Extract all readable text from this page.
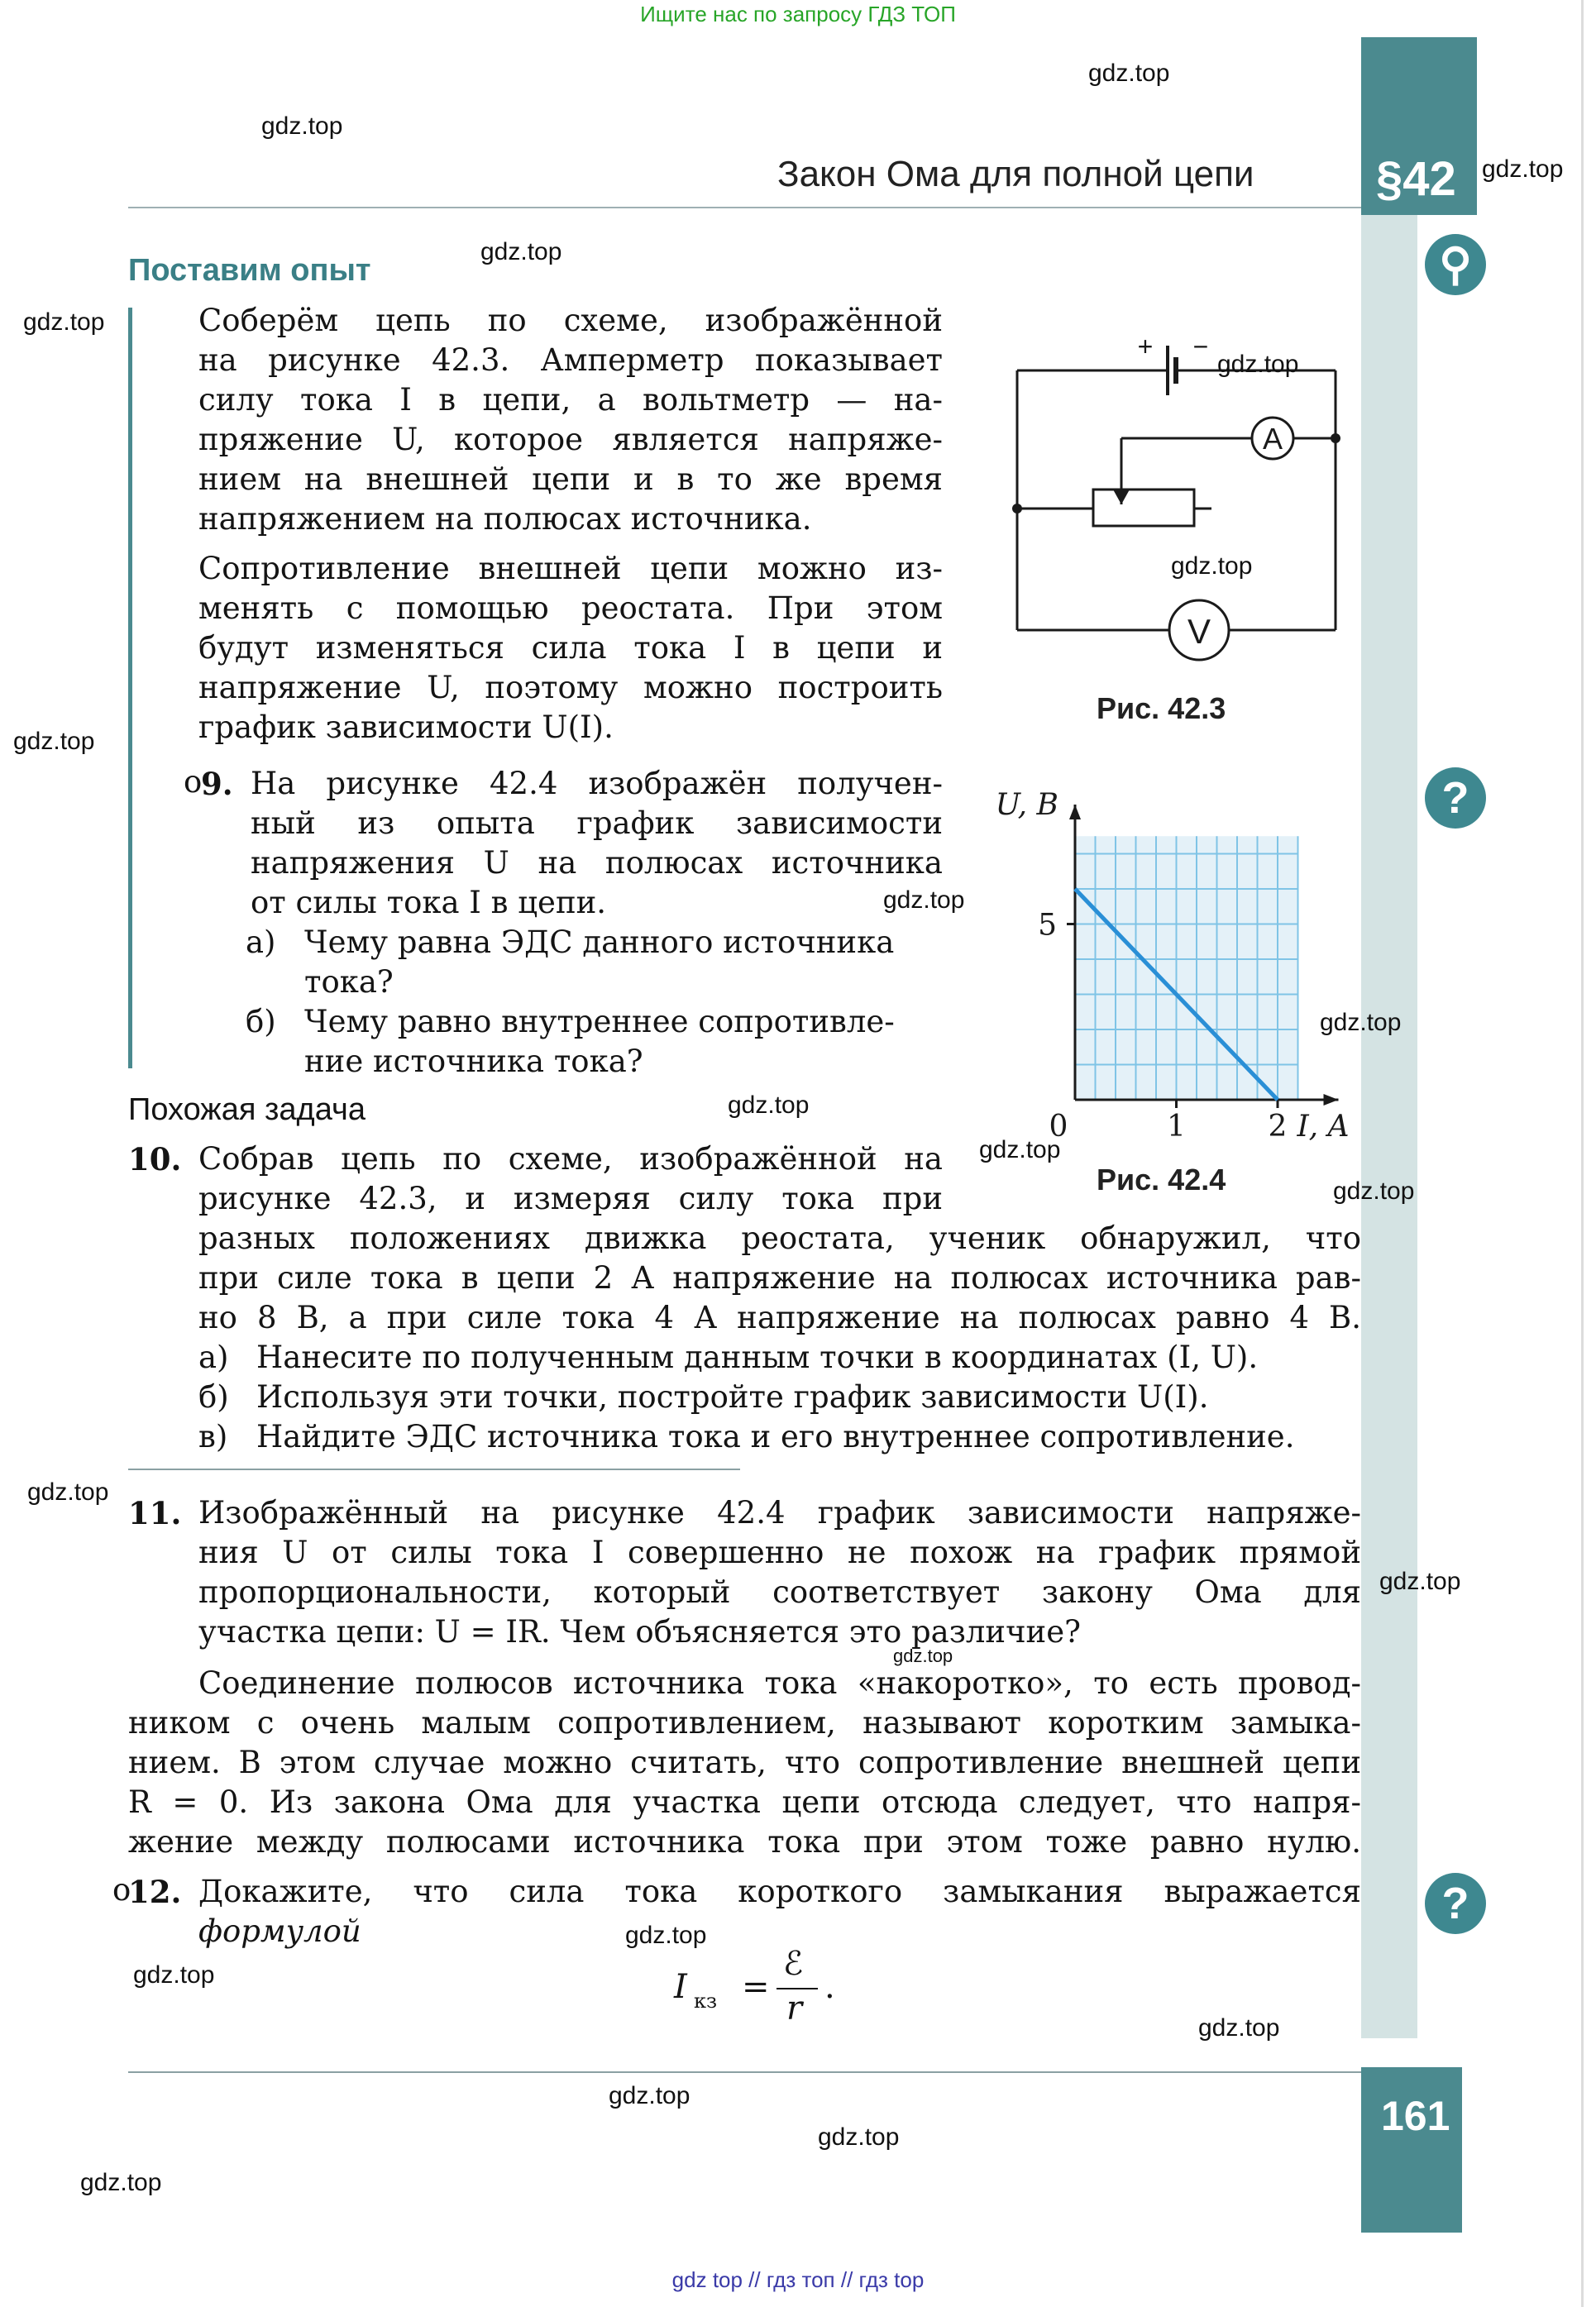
Ищите нас по запросу ГДЗ ТОП
§42
Закон Ома для полной цепи
⚲
?
?
Поставим опыт
Соберём цепь по схеме, изображённой
на рисунке 42.3. Амперметр показывает
силу тока I в цепи, а вольтметр — на-
пряжение U, которое является напряже-
нием на внешней цепи и в то же время
напряжением на полюсах источника.
Сопротивление внешней цепи можно из-
менять с помощью реостата. При этом
будут изменяться сила тока I в цепи и
напряжение U, поэтому можно построить
график зависимости U(I).
A
V
+ −
Рис. 42.3
o
9. На рисунке 42.4 изображён получен-
ный из опыта график зависимости
напряжения U на полюсах источника
от силы тока I в цепи.
а) Чему равна ЭДС данного источника
тока?
б) Чему равно внутреннее сопротивле-
ние источника тока?
0	1	2
5
I, A
U, B
Рис. 42.4
Похожая задача
10. Собрав цепь по схеме, изображённой на
рисунке 42.3, и измеряя силу тока при
разных положениях движка реостата, ученик обнаружил, что
при силе тока в цепи 2 А напряжение на полюсах источника рав-
но 8 В, а при силе тока 4 А напряжение на полюсах равно 4 В.
а) Нанесите по полученным данным точки в координатах (I, U).
б) Используя эти точки, постройте график зависимости U(I).
в) Найдите ЭДС источника тока и его внутреннее сопротивление.
11. Изображённый на рисунке 42.4 график зависимости напряже-
ния U от силы тока I совершенно не похож на график прямой
пропорциональности, который соответствует закону Ома для
участка цепи: U = IR. Чем объясняется это различие?
Соединение полюсов источника тока «накоротко», то есть провод-
ником с очень малым сопротивлением, называют коротким замыка-
нием. В этом случае можно считать, что сопротивление внешней цепи
R = 0. Из закона Ома для участка цепи отсюда следует, что напря-
жение между полюсами источника тока при этом тоже равно нулю.
o
12. Докажите, что сила тока короткого замыкания выражается
формулой
I кз =
ℰ
r
.
161
gdz.top
gdz.top
gdz.top
gdz.top
gdz.top
gdz.top
gdz.top
gdz.top
gdz.top
gdz.top
gdz.top
gdz.top
gdz.top
gdz.top
gdz.top
gdz.top
gdz.top
gdz.top
gdz.top
gdz.top
gdz.top
gdz.top
gdz top // гдз топ // гдз top
